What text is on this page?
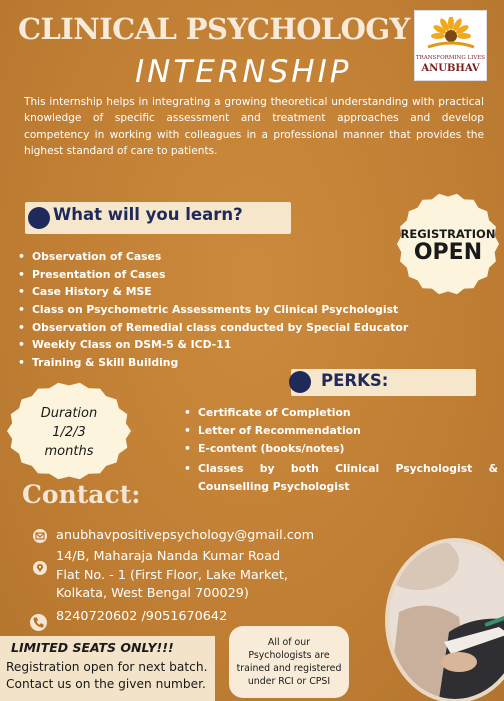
CLINICAL PSYCHOLOGY
INTERNSHIP	TRANSFORMING LIVES
ANUBHAV
This internship helps in integrating a growing theoretical understanding with practical knowledge of specific assessment and treatment approaches and develop competency in working with colleagues in a professional manner that provides the highest standard of care to patients.
What will you learn?
REGISTRATION
OPEN
• Observation of Cases
• Presentation of Cases
• Case History & MSE
• Class on Psychometric Assessments by Clinical Psychologist
• Observation of Remedial class conducted by Special Educator
• Weekly Class on DSM-5 & ICD-11
• Training & Skill Building
PERKS:
Duration
1/2/3
months
• Certificate of Completion
• Letter of Recommendation
• E-content (books/notes)
• Classes by both Clinical Psychologist & Counselling Psychologist
Contact:
anubhavpositivepsychology@gmail.com
14/B, Maharaja Nanda Kumar Road
Flat No. - 1 (First Floor, Lake Market,
Kolkata, West Bengal 700029)
8240720602 /9051670642
LIMITED SEATS ONLY!!!
Registration open for next batch.
Contact us on the given number.
All of our
Psychologists are
trained and registered
under RCI or CPSI
